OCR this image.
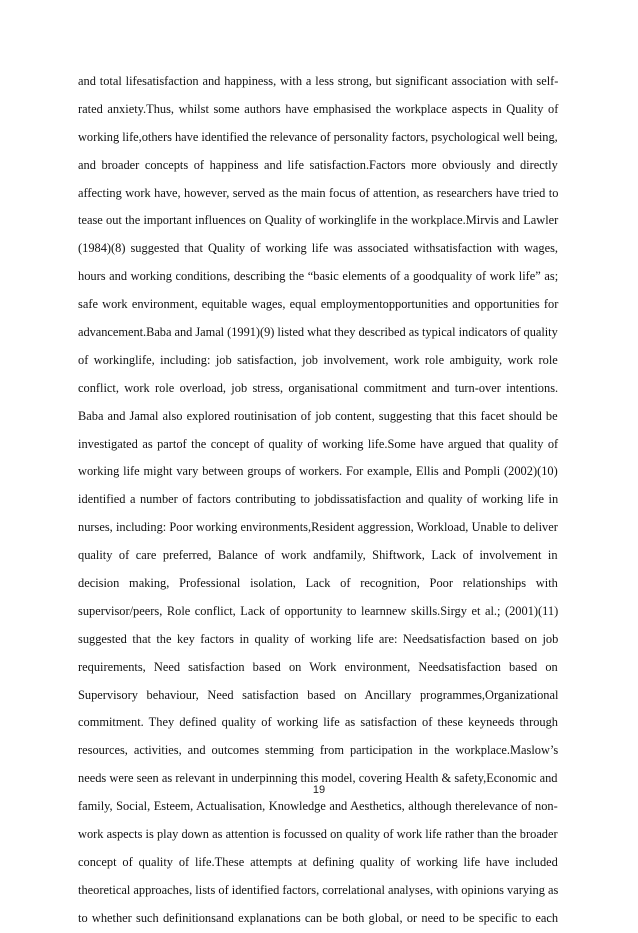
and total lifesatisfaction and happiness, with a less strong, but significant association with self-
rated anxiety.Thus, whilst some authors have emphasised the workplace aspects in Quality of
working life,others have identified the relevance of personality factors, psychological well being,
and broader concepts of happiness and life satisfaction.Factors more obviously and directly
affecting work have, however, served as the main focus of attention, as researchers have tried to
tease out the important influences on Quality of workinglife in the workplace.Mirvis and Lawler
(1984)(8) suggested that Quality of working life was associated withsatisfaction with wages,
hours and working conditions, describing the “basic elements of a goodquality of work life” as;
safe work environment, equitable wages, equal employmentopportunities and opportunities for
advancement.Baba and Jamal (1991)(9) listed what they described as typical indicators of quality
of workinglife, including: job satisfaction, job involvement, work role ambiguity, work role
conflict, work role overload, job stress, organisational commitment and turn-over intentions.
Baba and Jamal also explored routinisation of job content, suggesting that this facet should be
investigated as partof the concept of quality of working life.Some have argued that quality of
working life might vary between groups of workers. For example, Ellis and Pompli (2002)(10)
identified a number of factors contributing to jobdissatisfaction and quality of working life in
nurses, including: Poor working environments,Resident aggression, Workload, Unable to deliver
quality of care preferred, Balance of work andfamily, Shiftwork, Lack of involvement in
decision making, Professional isolation, Lack of recognition, Poor relationships with
supervisor/peers, Role conflict, Lack of opportunity to learnnew skills.Sirgy et al.; (2001)(11)
suggested that the key factors in quality of working life are: Needsatisfaction based on job
requirements, Need satisfaction based on Work environment, Needsatisfaction based on
Supervisory behaviour, Need satisfaction based on Ancillary programmes,Organizational
commitment. They defined quality of working life as satisfaction of these keyneeds through
resources, activities, and outcomes stemming from participation in the workplace.Maslow’s
needs were seen as relevant in underpinning this model, covering Health & safety,Economic and
family, Social, Esteem, Actualisation, Knowledge and Aesthetics, although therelevance of non-
work aspects is play down as attention is focussed on quality of work life rather than the broader
concept of quality of life.These attempts at defining quality of working life have included
theoretical approaches, lists of identified factors, correlational analyses, with opinions varying as
to whether such definitionsand explanations can be both global, or need to be specific to each
19
